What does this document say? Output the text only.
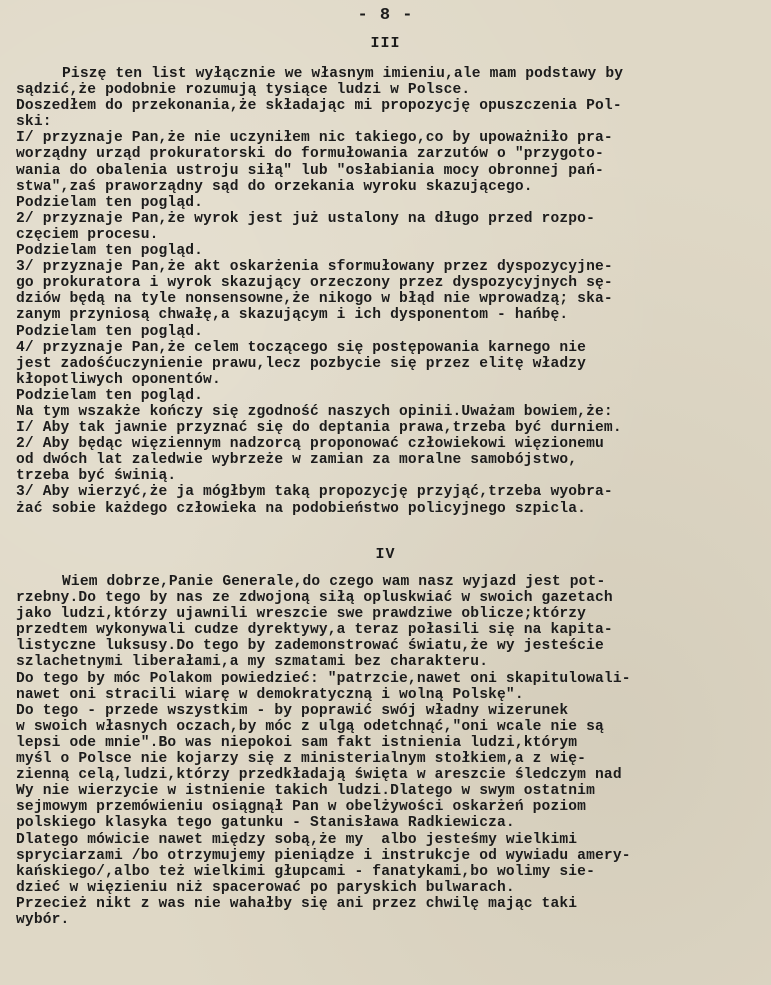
- 8 -
III
Piszę ten list wyłącznie we własnym imieniu,ale mam podstawy by
sądzić,że podobnie rozumują tysiące ludzi w Polsce.
Doszedłem do przekonania,że składając mi propozycję opuszczenia Pol-
ski:
I/ przyznaje Pan,że nie uczyniłem nic takiego,co by upoważniło pra-
worządny urząd prokuratorski do formułowania zarzutów o "przygoto-
wania do obalenia ustroju siłą" lub "osłabiania mocy obronnej pań-
stwa",zaś praworządny sąd do orzekania wyroku skazującego.
Podzielam ten pogląd.
2/ przyznaje Pan,że wyrok jest już ustalony na długo przed rozpo-
częciem procesu.
Podzielam ten pogląd.
3/ przyznaje Pan,że akt oskarżenia sformułowany przez dyspozycyjne-
go prokuratora i wyrok skazujący orzeczony przez dyspozycyjnych sę-
dziów będą na tyle nonsensowne,że nikogo w błąd nie wprowadzą; ska-
zanym przyniosą chwałę,a skazującym i ich dysponentom - hańbę.
Podzielam ten pogląd.
4/ przyznaje Pan,że celem toczącego się postępowania karnego nie
jest zadośćuczynienie prawu,lecz pozbycie się przez elitę władzy
kłopotliwych oponentów.
Podzielam ten pogląd.
Na tym wszakże kończy się zgodność naszych opinii.Uważam bowiem,że:
I/ Aby tak jawnie przyznać się do deptania prawa,trzeba być durniem.
2/ Aby będąc więziennym nadzorcą proponować człowiekowi więzionemu
od dwóch lat zaledwie wybrzeże w zamian za moralne samobójstwo,
trzeba być świnią.
3/ Aby wierzyć,że ja mógłbym taką propozycję przyjąć,trzeba wyobra-
żać sobie każdego człowieka na podobieństwo policyjnego szpicla.
IV
Wiem dobrze,Panie Generale,do czego wam nasz wyjazd jest pot-
rzebny.Do tego by nas ze zdwojoną siłą opluskwiać w swoich gazetach
jako ludzi,którzy ujawnili wreszcie swe prawdziwe oblicze;którzy
przedtem wykonywali cudze dyrektywy,a teraz połasili się na kapita-
listyczne luksusy.Do tego by zademonstrować światu,że wy jesteście
szlachetnymi liberałami,a my szmatami bez charakteru.
Do tego by móc Polakom powiedzieć: "patrzcie,nawet oni skapitulowali-
nawet oni stracili wiarę w demokratyczną i wolną Polskę".
Do tego - przede wszystkim - by poprawić swój władny wizerunek
w swoich własnych oczach,by móc z ulgą odetchnąć,"oni wcale nie są
lepsi ode mnie".Bo was niepokoi sam fakt istnienia ludzi,którym
myśl o Polsce nie kojarzy się z ministerialnym stołkiem,a z wię-
zienną celą,ludzi,którzy przedkładają święta w areszcie śledczym nad
Wy nie wierzycie w istnienie takich ludzi.Dlatego w swym ostatnim
sejmowym przemówieniu osiągnął Pan w obelżywości oskarżeń poziom
polskiego klasyka tego gatunku - Stanisława Radkiewicza.
Dlatego mówicie nawet między sobą,że my  albo jesteśmy wielkimi
spryciarzami /bo otrzymujemy pieniądze i instrukcje od wywiadu amery-
kańskiego/,albo też wielkimi głupcami - fanatykami,bo wolimy sie-
dzieć w więzieniu niż spacerować po paryskich bulwarach.
Przecież nikt z was nie wahałby się ani przez chwilę mając taki
wybór.
